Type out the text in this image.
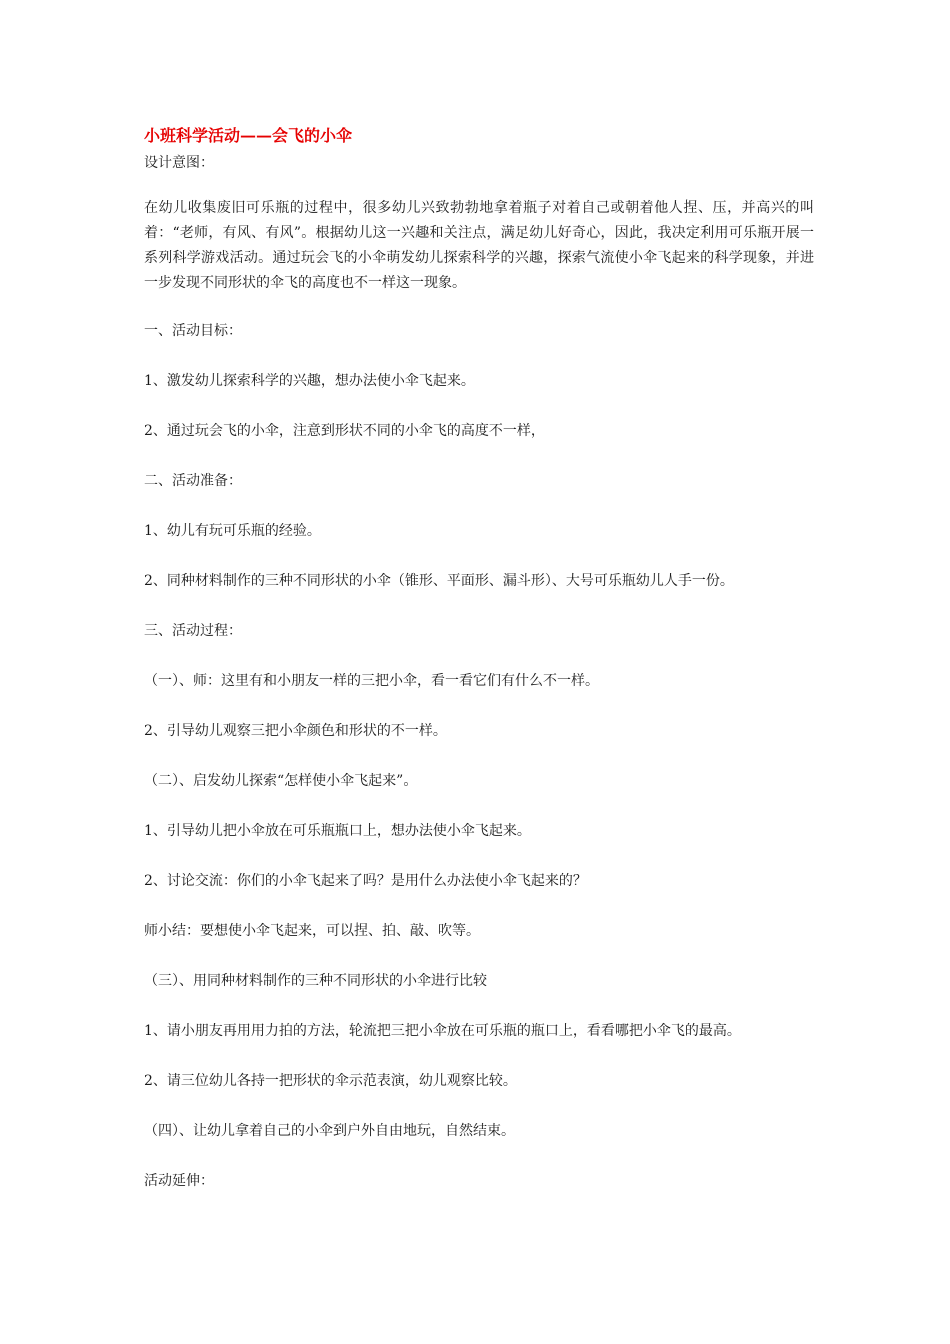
小班科学活动——会飞的小伞

设计意图：

在幼儿收集废旧可乐瓶的过程中，很多幼儿兴致勃勃地拿着瓶子对着自己或朝着他人捏、压，并高兴的叫着：“老师，有风、有风”。根据幼儿这一兴趣和关注点，满足幼儿好奇心，因此，我决定利用可乐瓶开展一系列科学游戏活动。通过玩会飞的小伞萌发幼儿探索科学的兴趣，探索气流使小伞飞起来的科学现象，并进一步发现不同形状的伞飞的高度也不一样这一现象。

一、活动目标：

1、激发幼儿探索科学的兴趣，想办法使小伞飞起来。

2、通过玩会飞的小伞，注意到形状不同的小伞飞的高度不一样，

二、活动准备：

1、幼儿有玩可乐瓶的经验。

2、同种材料制作的三种不同形状的小伞（锥形、平面形、漏斗形）、大号可乐瓶幼儿人手一份。

三、活动过程：

（一）、师：这里有和小朋友一样的三把小伞，看一看它们有什么不一样。

2、引导幼儿观察三把小伞颜色和形状的不一样。

（二）、启发幼儿探索“怎样使小伞飞起来”。

1、引导幼儿把小伞放在可乐瓶瓶口上，想办法使小伞飞起来。

2、讨论交流：你们的小伞飞起来了吗？是用什么办法使小伞飞起来的？

师小结：要想使小伞飞起来，可以捏、拍、敲、吹等。

（三）、用同种材料制作的三种不同形状的小伞进行比较

1、请小朋友再用用力拍的方法，轮流把三把小伞放在可乐瓶的瓶口上，看看哪把小伞飞的最高。

2、请三位幼儿各持一把形状的伞示范表演，幼儿观察比较。

（四）、让幼儿拿着自己的小伞到户外自由地玩，自然结束。

活动延伸：
